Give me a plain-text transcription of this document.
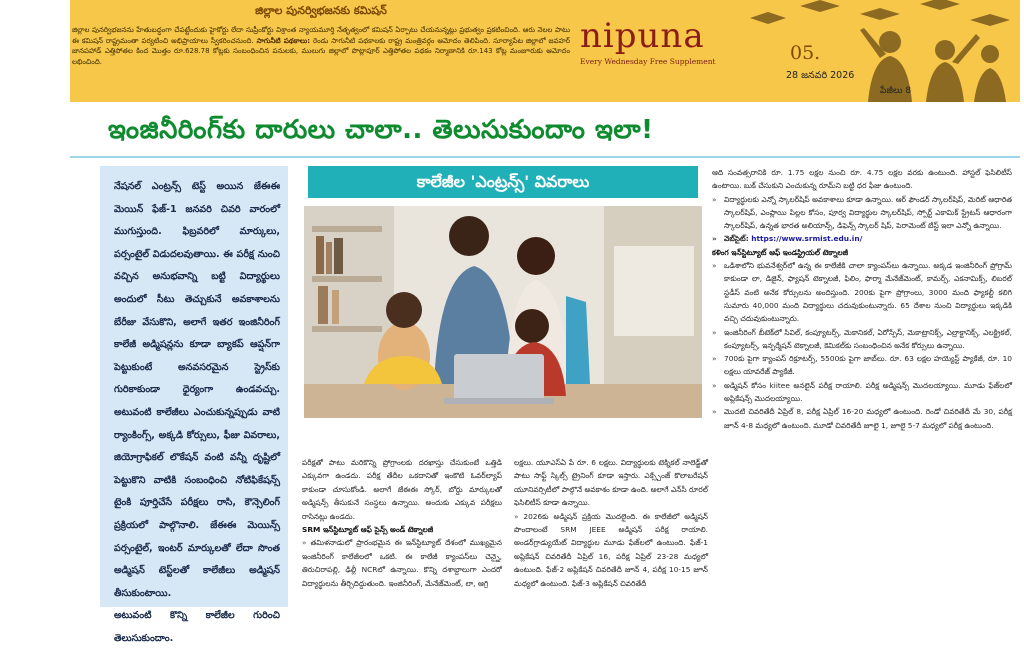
జిల్లాల పునర్విభజనకు కమిషన్

జిల్లాల పునర్విభజనను హేతుబద్ధంగా చేపట్టేందుకు హైకోర్టు లేదా సుప్రీంకోర్టు విశ్రాంత న్యాయమూర్తి నేతృత్వంలో కమిషన్ ఏర్పాటు చేయనున్నట్లు ప్రభుత్వం ప్రకటించింది. ఆరు నెలల పాటు ఈ కమిషన్ రాష్ట్రమంతా పర్యటించి అభిప్రాయాలు స్వీకరించనుంది. సాగునీటి పథకాలు: రెండు సాగునీటి పథకాలకు రాష్ట్ర మంత్రివర్గం ఆమోదం తెలిపింది. సూర్యాపేట జిల్లాలో జవహర్ జానపహాడ్ ఎత్తిపోతల కింద మొత్తం రూ.628.78 కోట్లకు సంబంధించిన పనులకు, ములుగు జిల్లాలో పొట్లాపూర్ ఎత్తిపోతల పథకం నిర్మాణానికి రూ.143 కోట్ల మంజూరుకు ఆమోదం లభించింది.

nipuna
Every Wednesday Free Supplement	05.
28 జనవరి 2026
పేజీలు 8
ఇంజినీరింగ్‌కు దారులు చాలా.. తెలుసుకుందాం ఇలా!

నేషనల్ ఎంట్రన్స్ టెస్ట్ అయిన జేఈఈ మెయిన్ ఫేజ్-1 జనవరి చివరి వారంలో ముగుస్తుంది. ఫిబ్రవరిలో మార్కులు, పర్సంటైల్ విడుదలవుతాయి. ఈ పరీక్ష నుంచి వచ్చిన అనుభవాన్ని బట్టి విద్యార్థులు అందులో సీటు తెచ్చుకునే అవకాశాలను బేరీజు వేసుకొని, అలాగే ఇతర ఇంజినీరింగ్ కాలేజీ అడ్మిషన్లను కూడా బ్యాకప్ ఆప్షన్‌గా పెట్టుకుంటే అనవసరమైన స్ట్రెస్‌కు గురికాకుండా ధైర్యంగా ఉండవచ్చు. అటువంటి కాలేజీలు ఎంచుకున్నప్పుడు వాటి ర్యాంకింగ్స్, అక్కడి కోర్సులు, ఫీజు వివరాలు, జియోగ్రాఫికల్ లొకేషన్ వంటి వన్నీ దృష్టిలో పెట్టుకొని వాటికి సంబంధించి నోటిఫికేషన్స్ టైంకి పూర్తిచేసే పరీక్షలు రాసి, కౌన్సెలింగ్ ప్రక్రియలో పాల్గొనాలి. జేఈఈ మెయిన్స్ పర్సంటైల్, ఇంటర్ మార్కులతో లేదా సొంత అడ్మిషన్ టెస్ట్‌లతో కాలేజీలు అడ్మిషన్ తీసుకుంటాయి.

అటువంటి కొన్ని కాలేజీల గురించి తెలుసుకుందాం.

కాలేజీల 'ఎంట్రన్స్' వివరాలు

పరీక్షతో పాటు మరికొన్ని ప్రోగ్రాంలకు దరఖాస్తు చేసుకుంటే ఒత్తిడి ఎక్కువగా ఉండదు. పరీక్ష తేదీల ఒకదానితో ఇంకొటి ఓవర్‌ల్యాప్ కాకుండా చూసుకోండి. అలాగే జేఈఈ స్కోర్, బోర్డు మార్కులతో అడ్మిషన్స్ తీసుకునే సంస్థలు ఉన్నాయి. అందుకు ఎక్కువ పరీక్షలు రాసినట్లు ఉండదు.

SRM ఇన్‌స్టిట్యూట్ ఆఫ్ సైన్స్ అండ్ టెక్నాలజీ

» తమిళనాడులో ప్రారంభమైన ఈ ఇన్‌స్టిట్యూట్ దేశంలో ముఖ్యమైన ఇంజినీరింగ్ కాలేజీలలో ఒకటి. ఈ కాలేజీ క్యాంపస్‌లు చెన్నై, తిరుచిరాపల్లి, ఢిల్లీ NCRలో ఉన్నాయి. కొన్ని దశాబ్దాలుగా ఎందరో విద్యార్థులను తీర్చిదిద్దుతుంది. ఇంజినీరింగ్, మేనేజ్‌మెంట్, లా, ఆగ్రి

లక్షలు. యూఎస్‌ఏ పే రూ. 6 లక్షలు. విద్యార్థులకు టెక్నికల్ నాలెడ్జ్‌తో పాటు సాఫ్ట్ స్కిల్స్ ట్రైనింగ్ కూడా ఇస్తారు. ఎక్స్చేంజ్ కొలాబరేషన్ యూనివర్సిటీలో పాల్గొనే అవకాశం కూడా ఉంది. అలాగే ఎన్‌సీ రూరల్ ఫెసిలిటీస్ కూడా ఉన్నాయి.

» 2026కు అడ్మిషన్ ప్రక్రియ మొదలైంది. ఈ కాలేజీలో అడ్మిషన్ పొందాలంటే SRM JEEE అడ్మిషన్ పరీక్ష రాయాలి. అండర్‌గ్రాడ్యుయేట్ విద్యార్థుల మూడు ఫేజ్‌లలో ఉంటుంది. ఫేజ్-1 అప్లికేషన్ చివరితేదీ ఏప్రిల్ 16, పరీక్ష ఏప్రిల్ 23-28 మధ్యలో ఉంటుంది. ఫేజ్-2 అప్లికేషన్ చివరితేదీ జూన్ 4, పరీక్ష 10-15 జూన్ మధ్యలో ఉంటుంది. ఫేజ్-3 అప్లికేషన్ చివరితేదీ

ఆది సంవత్సరానికి రూ. 1.75 లక్షల నుంచి రూ. 4.75 లక్షల వరకు ఉంటుంది. హాస్టల్ ఫెసిలిటీస్ ఉంటాయి. బుక్ చేసుకుని ఎంచుకున్న రూమ్‌ని బట్టి ధర ఫీజు ఉంటుంది.

» విద్యార్థులకు ఎన్నో స్కాలర్‌షిప్ అవకాశాలు కూడా ఉన్నాయి. ఆర్ ఫౌండర్ స్కాలర్‌షిప్, మెరిట్ ఆధారిత స్కాలర్‌షిప్, ఎంప్లాయి పిల్లల కోసం, పూర్వ విద్యార్థుల స్కాలర్‌షిప్, స్పోర్ట్ ఎకామిక్ స్ట్రేటస్ ఆధారంగా స్కాలర్‌షిప్, ఉన్నత భారత అలియాన్స్, డిఫెన్స్ స్కాలర్ షిప్, పెరామెంట్ బేస్ట్ ఇలా ఎన్నో ఉన్నాయి.

» వెబ్‌సైట్: https://www.srmist.edu.in/

కళింగ ఇన్‌స్టిట్యూట్ ఆఫ్ ఇండస్ట్రియల్ టెక్నాలజీ

» ఒడిశాలోని భువనేశ్వర్‌లో ఉన్న ఈ కాలేజీకి చాలా క్యాంపస్‌లు ఉన్నాయి. అక్కడ ఇంజినీరింగ్ ప్రోగ్రామ్ కాకుండా లా, డిజైన్, ఫ్యాషన్ టెక్నాలజీ, ఫిలిం, ఫార్మా మేనేజ్‌మెంట్, కామర్స్, ఎకనామిక్స్, లిబరల్ స్టడీస్ వంటి అనేక కోర్సులను అందిస్తుంది. 200కు పైగా ప్రోగ్రాంలు, 3000 మంది ఫ్యాకల్టీ కలిగి సుమారు 40,000 మంది విద్యార్థులు చదువుకుంటున్నారు. 65 దేశాల నుంచి విద్యార్థులు ఇక్కడికి వచ్చి చదువుకుంటున్నారు.

» ఇంజినీరింగ్ బీటెక్‌లో సివిల్, కంప్యూటర్స్, మెకానికల్, ఏరోస్పేస్, మెకాట్రానిక్స్, ఎల్రాక్టానిక్స్, ఎలక్ట్రికల్, కంప్యూటర్స్, ఇన్ఫర్మేషన్ టెక్నాలజీ, కెమికల్‌కు సంబంధించిన అనేక కోర్సులు ఉన్నాయి.

» 700కు పైగా క్యాంపస్ రిక్రూటర్స్, 5500కు పైగా జాబ్‌లు. రూ. 63 లక్షల హయ్యెస్ట్ ప్యాకేజీ, రూ. 10 లక్షలు యావరేజ్ ప్యాకేజీ.

» అడ్మిషన్ కోసం kiitee అనలైన్ పరీక్ష రాయాలి. పరీక్ష అడ్మిషన్స్ మొదలయ్యాయి. మూడు ఫేజ్‌లలో అప్లికేషన్స్ మొదలయ్యాయి.

» మొదటి చివరితేదీ ఏప్రిల్ 8, పరీక్ష ఏప్రిల్ 16-20 మధ్యలో ఉంటుంది. రెండో చివరితేదీ మే 30, పరీక్ష జూన్ 4-8 మధ్యలో ఉంటుంది. మూడో చివరితేదీ జూలై 1, జూలై 5-7 మధ్యలో పరీక్ష ఉంటుంది.
